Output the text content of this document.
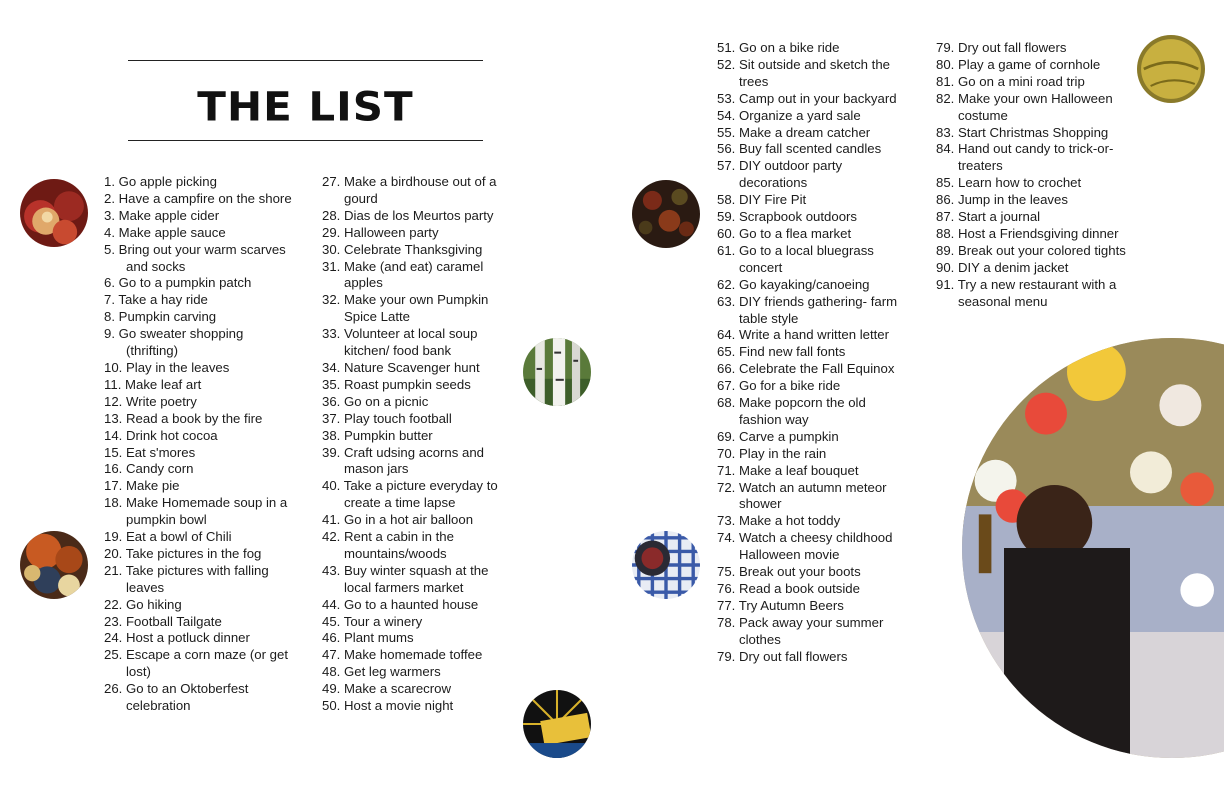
THE LIST
1. Go apple picking
2. Have a campfire on the shore
3. Make apple cider
4. Make apple sauce
5. Bring out your warm scarves and socks
6. Go to a pumpkin patch
7. Take a hay ride
8. Pumpkin carving
9. Go sweater shopping (thrifting)
10. Play in the leaves
11. Make leaf art
12. Write poetry
13. Read a book by the fire
14. Drink hot cocoa
15. Eat s'mores
16. Candy corn
17. Make pie
18. Make Homemade soup in a pumpkin bowl
19. Eat a bowl of Chili
20. Take pictures in the fog
21. Take pictures with falling leaves
22. Go hiking
23. Football Tailgate
24. Host a potluck dinner
25. Escape a corn maze (or get lost)
26. Go to an Oktoberfest celebration
27. Make a birdhouse out of a gourd
28. Dias de los Meurtos party
29. Halloween party
30. Celebrate Thanksgiving
31. Make (and eat) caramel apples
32. Make your own Pumpkin Spice Latte
33. Volunteer at local soup kitchen/ food bank
34. Nature Scavenger hunt
35. Roast pumpkin seeds
36. Go on a picnic
37. Play touch football
38. Pumpkin butter
39. Craft udsing acorns and mason jars
40. Take a picture everyday to create a time lapse
41. Go in a hot air balloon
42. Rent a cabin in the mountains/woods
43. Buy winter squash at the local farmers market
44. Go to a haunted house
45. Tour a winery
46. Plant mums
47. Make homemade toffee
48. Get leg warmers
49. Make a scarecrow
50. Host a movie night
51. Go on a bike ride
52. Sit outside and sketch the trees
53. Camp out in your backyard
54. Organize a yard sale
55. Make a dream catcher
56. Buy fall scented candles
57. DIY outdoor party decorations
58. DIY Fire Pit
59. Scrapbook outdoors
60. Go to a flea market
61. Go to a local bluegrass concert
62. Go kayaking/canoeing
63. DIY friends gathering- farm table style
64. Write a hand written letter
65. Find new fall fonts
66. Celebrate the Fall Equinox
67. Go for a bike ride
68. Make popcorn the old fashion way
69. Carve a pumpkin
70. Play in the rain
71. Make a leaf bouquet
72. Watch an autumn meteor shower
73. Make a hot toddy
74. Watch a cheesy childhood Halloween movie
75. Break out your boots
76. Read a book outside
77. Try Autumn Beers
78. Pack away your summer clothes
79. Dry out fall flowers
79. Dry out fall flowers
80. Play a game of cornhole
81. Go on a mini road trip
82. Make your own Halloween costume
83. Start Christmas Shopping
84. Hand out candy to trick-or-treaters
85. Learn how to crochet
86. Jump in the leaves
87. Start a journal
88. Host a Friendsgiving dinner
89. Break out your colored tights
90. DIY a denim jacket
91. Try a new restaurant with a seasonal menu
